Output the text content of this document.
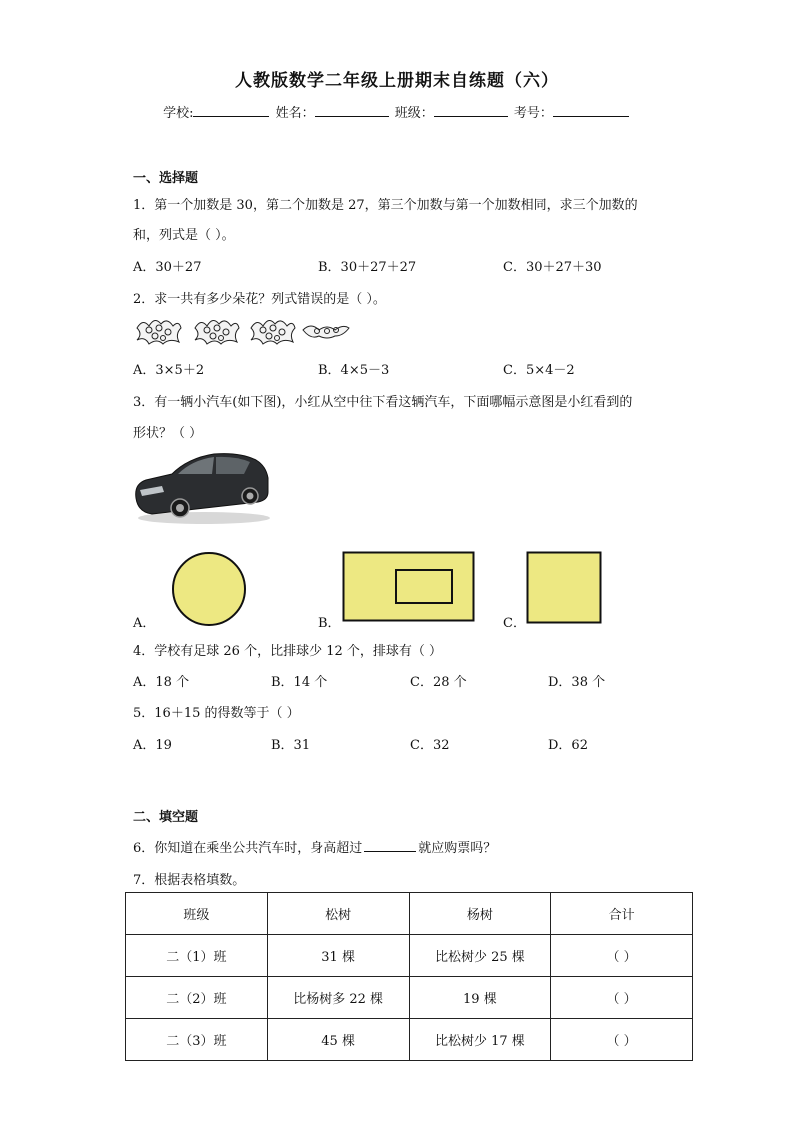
人教版数学二年级上册期末自练题（六）
学校:	姓名：	班级：	考号：
一、选择题
1．第一个加数是 30，第二个加数是 27，第三个加数与第一个加数相同，求三个加数的
和，列式是（ ）。
A．30＋27	B．30＋27＋27	C．30＋27＋30
2．求一共有多少朵花？列式错误的是（ ）。
A．3×5＋2	B．4×5－3	C．5×4－2
3．有一辆小汽车(如下图)，小红从空中往下看这辆汽车，下面哪幅示意图是小红看到的
形状？（ ）
A．	B．	C．
4．学校有足球 26 个，比排球少 12 个，排球有（ ）
A．18 个	B．14 个	C．28 个	D．38 个
5．16＋15 的得数等于（ ）
A．19	B．31	C．32	D．62
二、填空题
6．你知道在乘坐公共汽车时，身高超过	就应购票吗？
7．根据表格填数。
班级	松树	杨树	合计
二（1）班	31 棵	比松树少 25 棵	（ ）
二（2）班	比杨树多 22 棵	19 棵	（ ）
二（3）班	45 棵	比松树少 17 棵	（ ）
